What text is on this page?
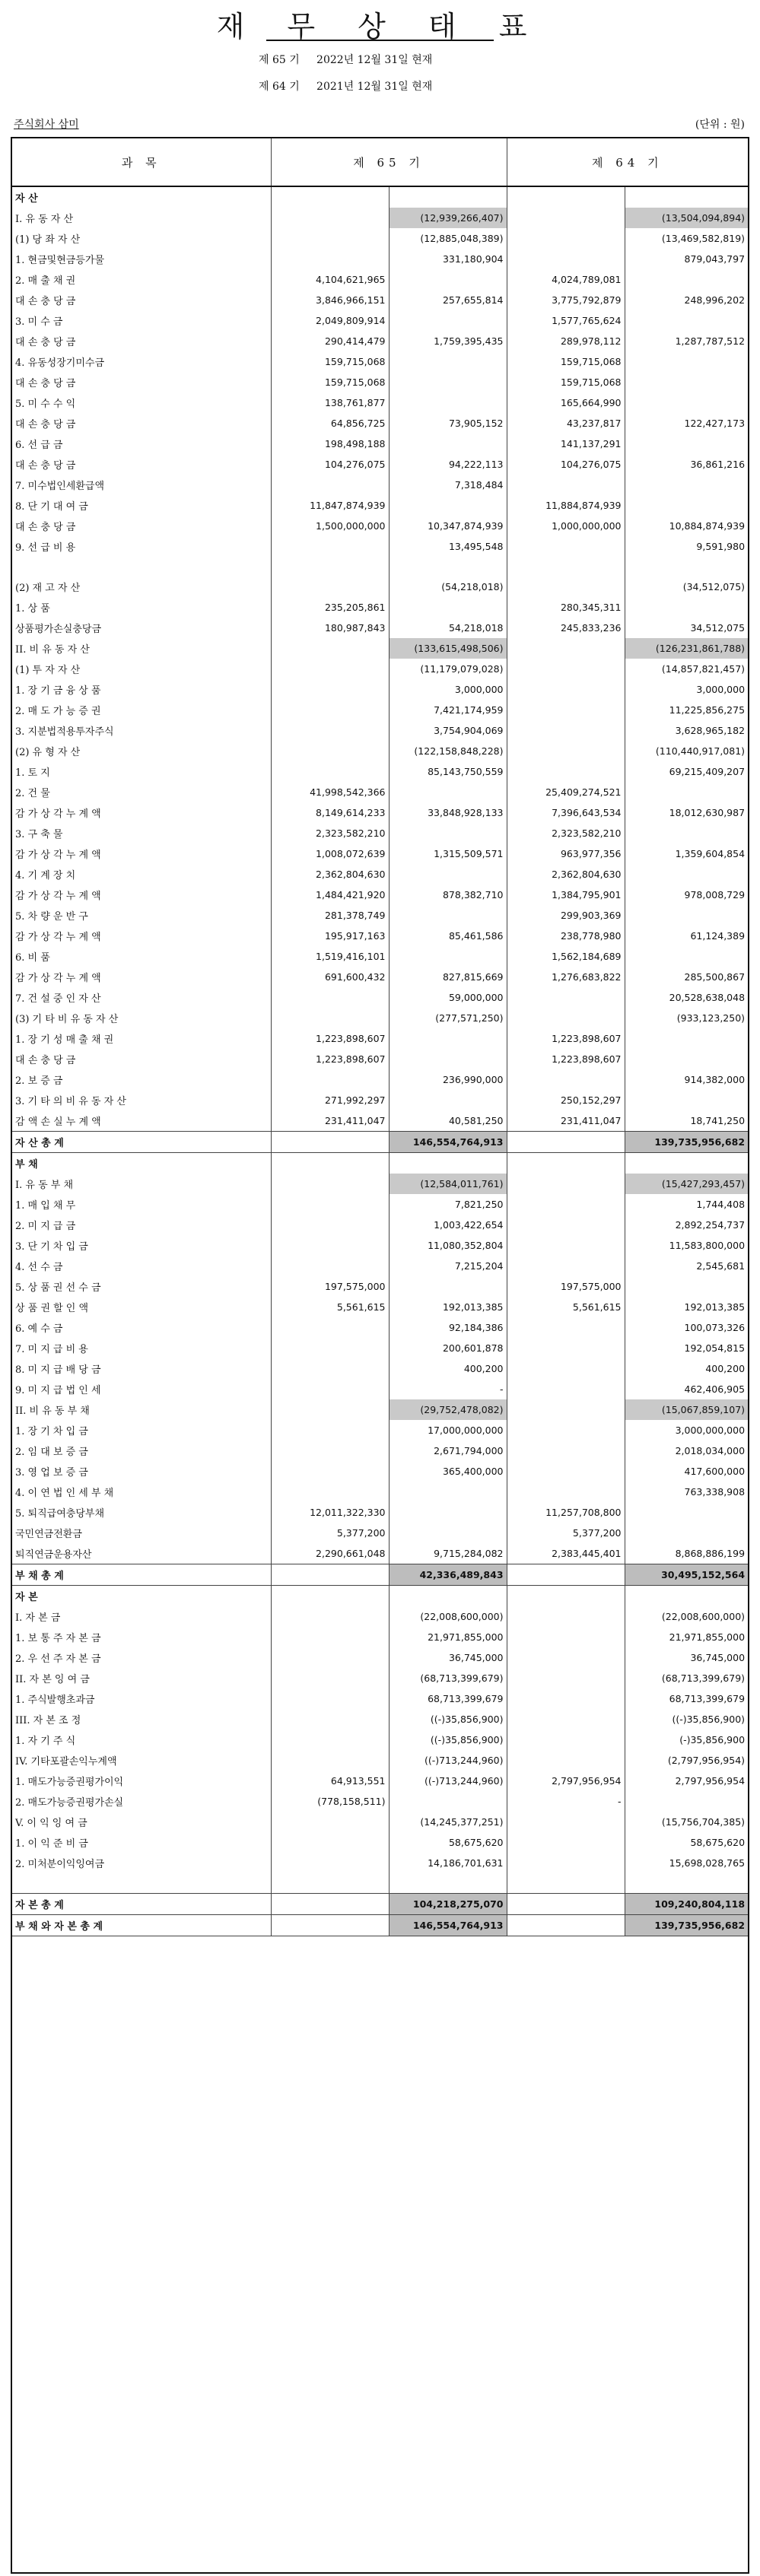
재 무 상 태 표
제 65 기 2022년 12월 31일 현재
제 64 기 2021년 12월 31일 현재
주식회사 삼미	(단위 : 원)
과 목	제 65 기		제 64 기	
자 산				
I. 유 동 자 산		(12,939,266,407)		(13,504,094,894)
(1) 당 좌 자 산		(12,885,048,389)		(13,469,582,819)
1. 현금및현금등가물		331,180,904		879,043,797
2. 매 출 채 권	4,104,621,965		4,024,789,081	
대 손 충 당 금	3,846,966,151	257,655,814	3,775,792,879	248,996,202
3. 미 수 금	2,049,809,914		1,577,765,624	
대 손 충 당 금	290,414,479	1,759,395,435	289,978,112	1,287,787,512
4. 유동성장기미수금	159,715,068		159,715,068	
대 손 충 당 금	159,715,068		159,715,068	
5. 미 수 수 익	138,761,877		165,664,990	
대 손 충 당 금	64,856,725	73,905,152	43,237,817	122,427,173
6. 선 급 금	198,498,188		141,137,291	
대 손 충 당 금	104,276,075	94,222,113	104,276,075	36,861,216
7. 미수법인세환급액		7,318,484		
8. 단 기 대 여 금	11,847,874,939		11,884,874,939	
대 손 충 당 금	1,500,000,000	10,347,874,939	1,000,000,000	10,884,874,939
9. 선 급 비 용		13,495,548		9,591,980

(2) 재 고 자 산		(54,218,018)		(34,512,075)
1. 상 품	235,205,861		280,345,311	
상품평가손실충당금	180,987,843	54,218,018	245,833,236	34,512,075
II. 비 유 동 자 산		(133,615,498,506)		(126,231,861,788)
(1) 투 자 자 산		(11,179,079,028)		(14,857,821,457)
1. 장 기 금 융 상 품		3,000,000		3,000,000
2. 매 도 가 능 증 권		7,421,174,959		11,225,856,275
3. 지분법적용투자주식		3,754,904,069		3,628,965,182
(2) 유 형 자 산		(122,158,848,228)		(110,440,917,081)
1. 토 지		85,143,750,559		69,215,409,207
2. 건 물	41,998,542,366		25,409,274,521	
감 가 상 각 누 계 액	8,149,614,233	33,848,928,133	7,396,643,534	18,012,630,987
3. 구 축 물	2,323,582,210		2,323,582,210	
감 가 상 각 누 계 액	1,008,072,639	1,315,509,571	963,977,356	1,359,604,854
4. 기 계 장 치	2,362,804,630		2,362,804,630	
감 가 상 각 누 계 액	1,484,421,920	878,382,710	1,384,795,901	978,008,729
5. 차 량 운 반 구	281,378,749		299,903,369	
감 가 상 각 누 계 액	195,917,163	85,461,586	238,778,980	61,124,389
6. 비 품	1,519,416,101		1,562,184,689	
감 가 상 각 누 계 액	691,600,432	827,815,669	1,276,683,822	285,500,867
7. 건 설 중 인 자 산		59,000,000		20,528,638,048
(3) 기 타 비 유 동 자 산		(277,571,250)		(933,123,250)
1. 장 기 성 매 출 채 권	1,223,898,607		1,223,898,607	
대 손 충 당 금	1,223,898,607		1,223,898,607	
2. 보 증 금		236,990,000		914,382,000
3. 기 타 의 비 유 동 자 산	271,992,297		250,152,297	
감 액 손 실 누 계 액	231,411,047	40,581,250	231,411,047	18,741,250
자 산 총 계		146,554,764,913		139,735,956,682
부 채				
I. 유 동 부 채		(12,584,011,761)		(15,427,293,457)
1. 매 입 채 무		7,821,250		1,744,408
2. 미 지 급 금		1,003,422,654		2,892,254,737
3. 단 기 차 입 금		11,080,352,804		11,583,800,000
4. 선 수 금		7,215,204		2,545,681
5. 상 품 권 선 수 금	197,575,000		197,575,000	
상 품 권 할 인 액	5,561,615	192,013,385	5,561,615	192,013,385
6. 예 수 금		92,184,386		100,073,326
7. 미 지 급 비 용		200,601,878		192,054,815
8. 미 지 급 배 당 금		400,200		400,200
9. 미 지 급 법 인 세		-		462,406,905
II. 비 유 동 부 채		(29,752,478,082)		(15,067,859,107)
1. 장 기 차 입 금		17,000,000,000		3,000,000,000
2. 임 대 보 증 금		2,671,794,000		2,018,034,000
3. 영 업 보 증 금		365,400,000		417,600,000
4. 이 연 법 인 세 부 채				763,338,908
5. 퇴직급여충당부채	12,011,322,330		11,257,708,800	
국민연금전환금	5,377,200		5,377,200	
퇴직연금운용자산	2,290,661,048	9,715,284,082	2,383,445,401	8,868,886,199
부 채 총 계		42,336,489,843		30,495,152,564
자 본				
I. 자 본 금		(22,008,600,000)		(22,008,600,000)
1. 보 통 주 자 본 금		21,971,855,000		21,971,855,000
2. 우 선 주 자 본 금		36,745,000		36,745,000
II. 자 본 잉 여 금		(68,713,399,679)		(68,713,399,679)
1. 주식발행초과금		68,713,399,679		68,713,399,679
III. 자 본 조 정		((-)35,856,900)		((-)35,856,900)
1. 자 기 주 식		((-)35,856,900)		(-)35,856,900
IV. 기타포괄손익누계액		((-)713,244,960)		(2,797,956,954)
1. 매도가능증권평가이익	64,913,551	((-)713,244,960)	2,797,956,954	2,797,956,954
2. 매도가능증권평가손실	(778,158,511)		-	
V. 이 익 잉 여 금		(14,245,377,251)		(15,756,704,385)
1. 이 익 준 비 금		58,675,620		58,675,620
2. 미처분이익잉여금		14,186,701,631		15,698,028,765

자 본 총 계		104,218,275,070		109,240,804,118
부 채 와 자 본 총 계		146,554,764,913		139,735,956,682
